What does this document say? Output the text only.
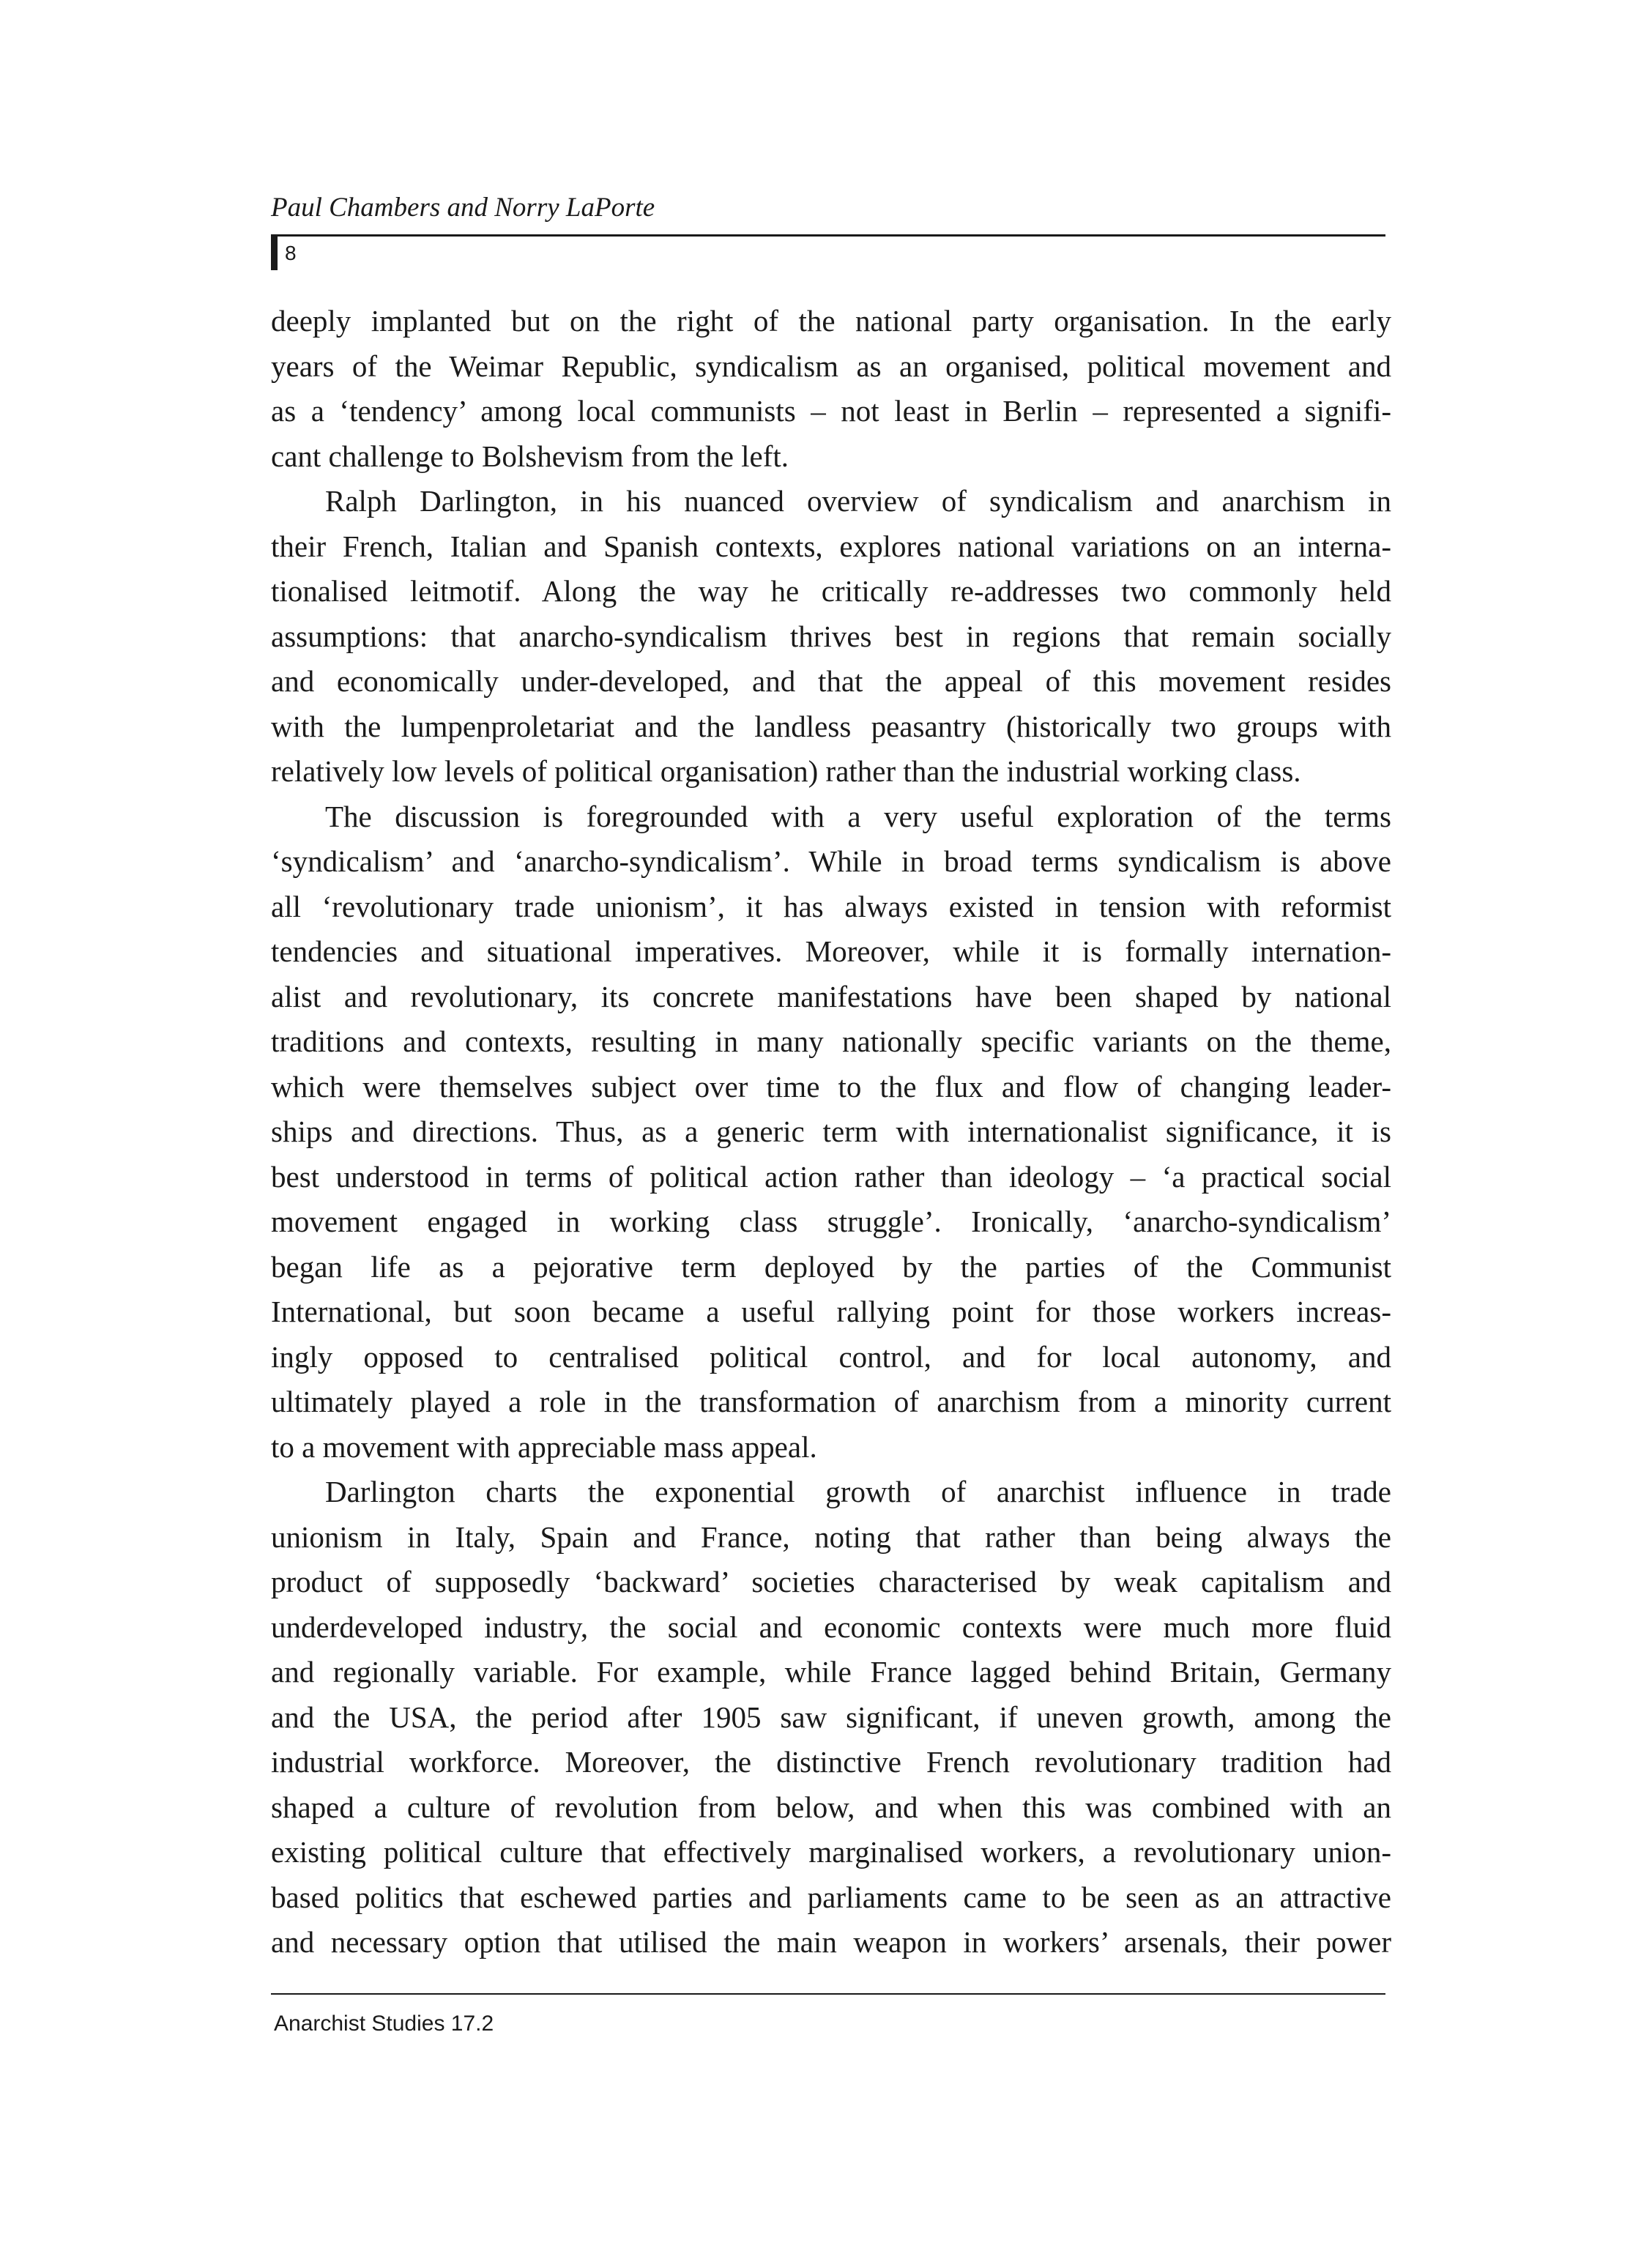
Paul Chambers and Norry LaPorte
8

deeply implanted but on the right of the national party organisation. In the early
years of the Weimar Republic, syndicalism as an organised, political movement and
as a ‘tendency’ among local communists – not least in Berlin – represented a signifi-
cant challenge to Bolshevism from the left.

Ralph Darlington, in his nuanced overview of syndicalism and anarchism in
their French, Italian and Spanish contexts, explores national variations on an interna-
tionalised leitmotif. Along the way he critically re-addresses two commonly held
assumptions: that anarcho-syndicalism thrives best in regions that remain socially
and economically under-developed, and that the appeal of this movement resides
with the lumpenproletariat and the landless peasantry (historically two groups with
relatively low levels of political organisation) rather than the industrial working class.

The discussion is foregrounded with a very useful exploration of the terms
‘syndicalism’ and ‘anarcho-syndicalism’. While in broad terms syndicalism is above
all ‘revolutionary trade unionism’, it has always existed in tension with reformist
tendencies and situational imperatives. Moreover, while it is formally internation-
alist and revolutionary, its concrete manifestations have been shaped by national
traditions and contexts, resulting in many nationally specific variants on the theme,
which were themselves subject over time to the flux and flow of changing leader-
ships and directions. Thus, as a generic term with internationalist significance, it is
best understood in terms of political action rather than ideology – ‘a practical social
movement engaged in working class struggle’. Ironically, ‘anarcho-syndicalism’
began life as a pejorative term deployed by the parties of the Communist
International, but soon became a useful rallying point for those workers increas-
ingly opposed to centralised political control, and for local autonomy, and
ultimately played a role in the transformation of anarchism from a minority current
to a movement with appreciable mass appeal.

Darlington charts the exponential growth of anarchist influence in trade
unionism in Italy, Spain and France, noting that rather than being always the
product of supposedly ‘backward’ societies characterised by weak capitalism and
underdeveloped industry, the social and economic contexts were much more fluid
and regionally variable. For example, while France lagged behind Britain, Germany
and the USA, the period after 1905 saw significant, if uneven growth, among the
industrial workforce. Moreover, the distinctive French revolutionary tradition had
shaped a culture of revolution from below, and when this was combined with an
existing political culture that effectively marginalised workers, a revolutionary union-
based politics that eschewed parties and parliaments came to be seen as an attractive
and necessary option that utilised the main weapon in workers’ arsenals, their power

Anarchist Studies 17.2
